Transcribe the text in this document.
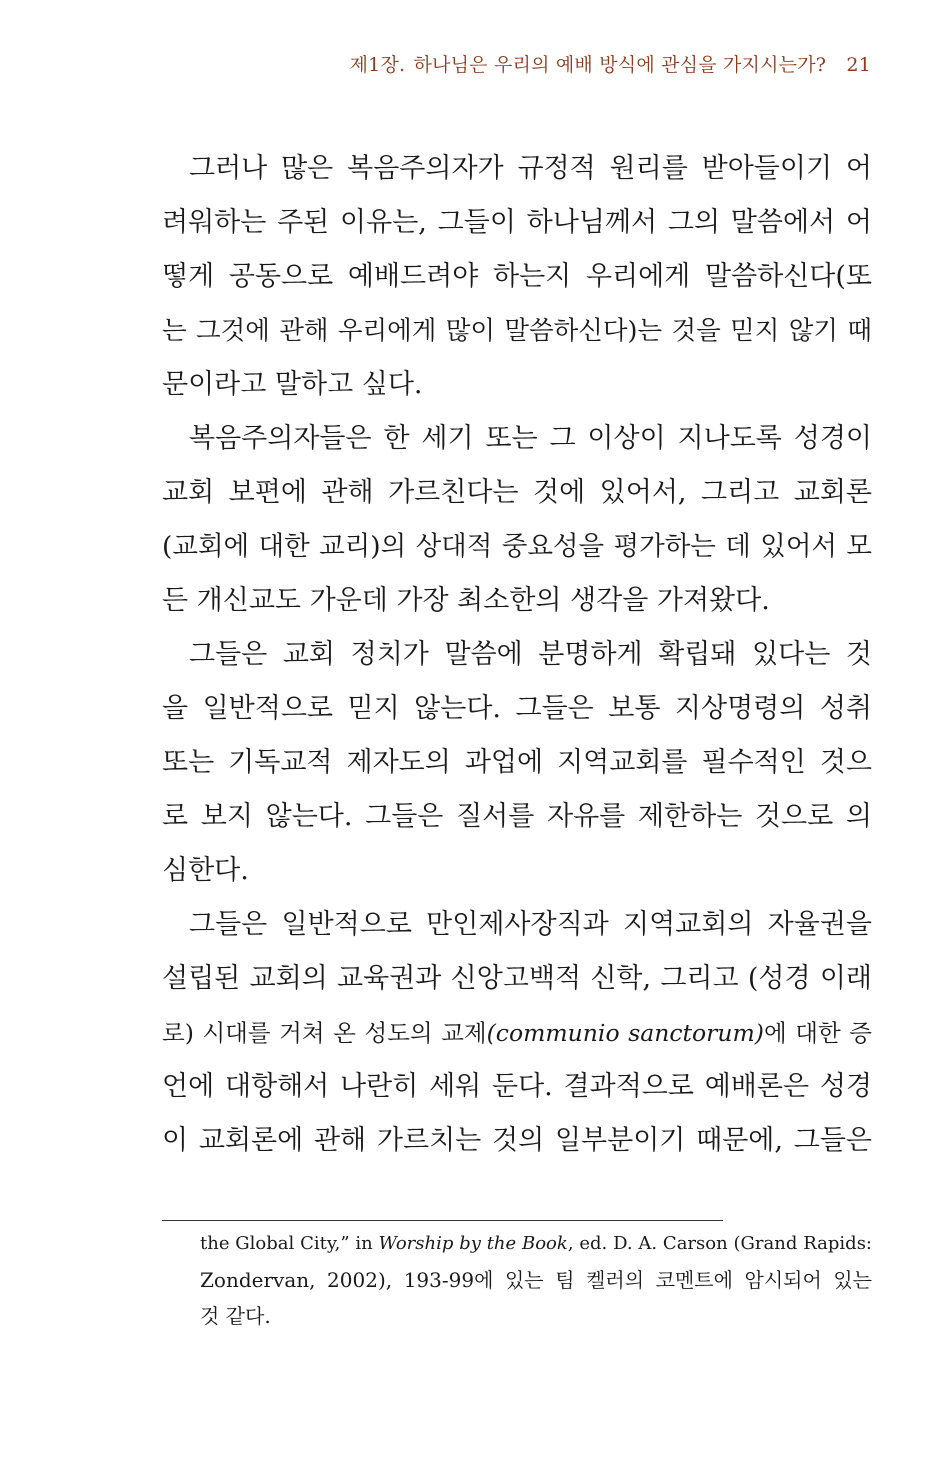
제1장. 하나님은 우리의 예배 방식에 관심을 가지시는가? 21
그러나 많은 복음주의자가 규정적 원리를 받아들이기 어
려워하는 주된 이유는, 그들이 하나님께서 그의 말씀에서 어
떻게 공동으로 예배드려야 하는지 우리에게 말씀하신다(또
는 그것에 관해 우리에게 많이 말씀하신다)는 것을 믿지 않기 때
문이라고 말하고 싶다.
복음주의자들은 한 세기 또는 그 이상이 지나도록 성경이
교회 보편에 관해 가르친다는 것에 있어서, 그리고 교회론
(교회에 대한 교리)의 상대적 중요성을 평가하는 데 있어서 모
든 개신교도 가운데 가장 최소한의 생각을 가져왔다.
그들은 교회 정치가 말씀에 분명하게 확립돼 있다는 것
을 일반적으로 믿지 않는다. 그들은 보통 지상명령의 성취
또는 기독교적 제자도의 과업에 지역교회를 필수적인 것으
로 보지 않는다. 그들은 질서를 자유를 제한하는 것으로 의
심한다.
그들은 일반적으로 만인제사장직과 지역교회의 자율권을
설립된 교회의 교육권과 신앙고백적 신학, 그리고 (성경 이래
로) 시대를 거쳐 온 성도의 교제(communio sanctorum)에 대한 증
언에 대항해서 나란히 세워 둔다. 결과적으로 예배론은 성경
이 교회론에 관해 가르치는 것의 일부분이기 때문에, 그들은
the Global City,” in Worship by the Book, ed. D. A. Carson (Grand Rapids:
Zondervan, 2002), 193-99에 있는 팀 켈러의 코멘트에 암시되어 있는
것 같다.
